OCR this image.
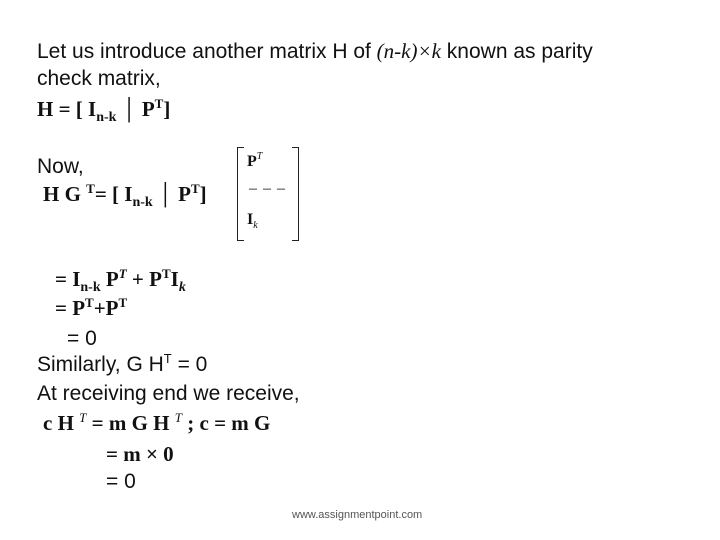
Let us introduce another matrix H of (n-k)×k known as parity
check matrix,
H = [ $I_{n-k}$ │ $P^T$]
Now,
H G $^T$= [ $I_{n-k}$ │ $P^T$]
$P^T$
– – –
$I_k$
= $I_{n-k}$ $P^T + P^TI_k$
= $P^T+P^T$
= 0
Similarly, G $H^T = 0$
At receiving end we receive,
c H $^T$ = m G H $^T$ ; c = m G
= m × 0
= 0
www.assignmentpoint.com
